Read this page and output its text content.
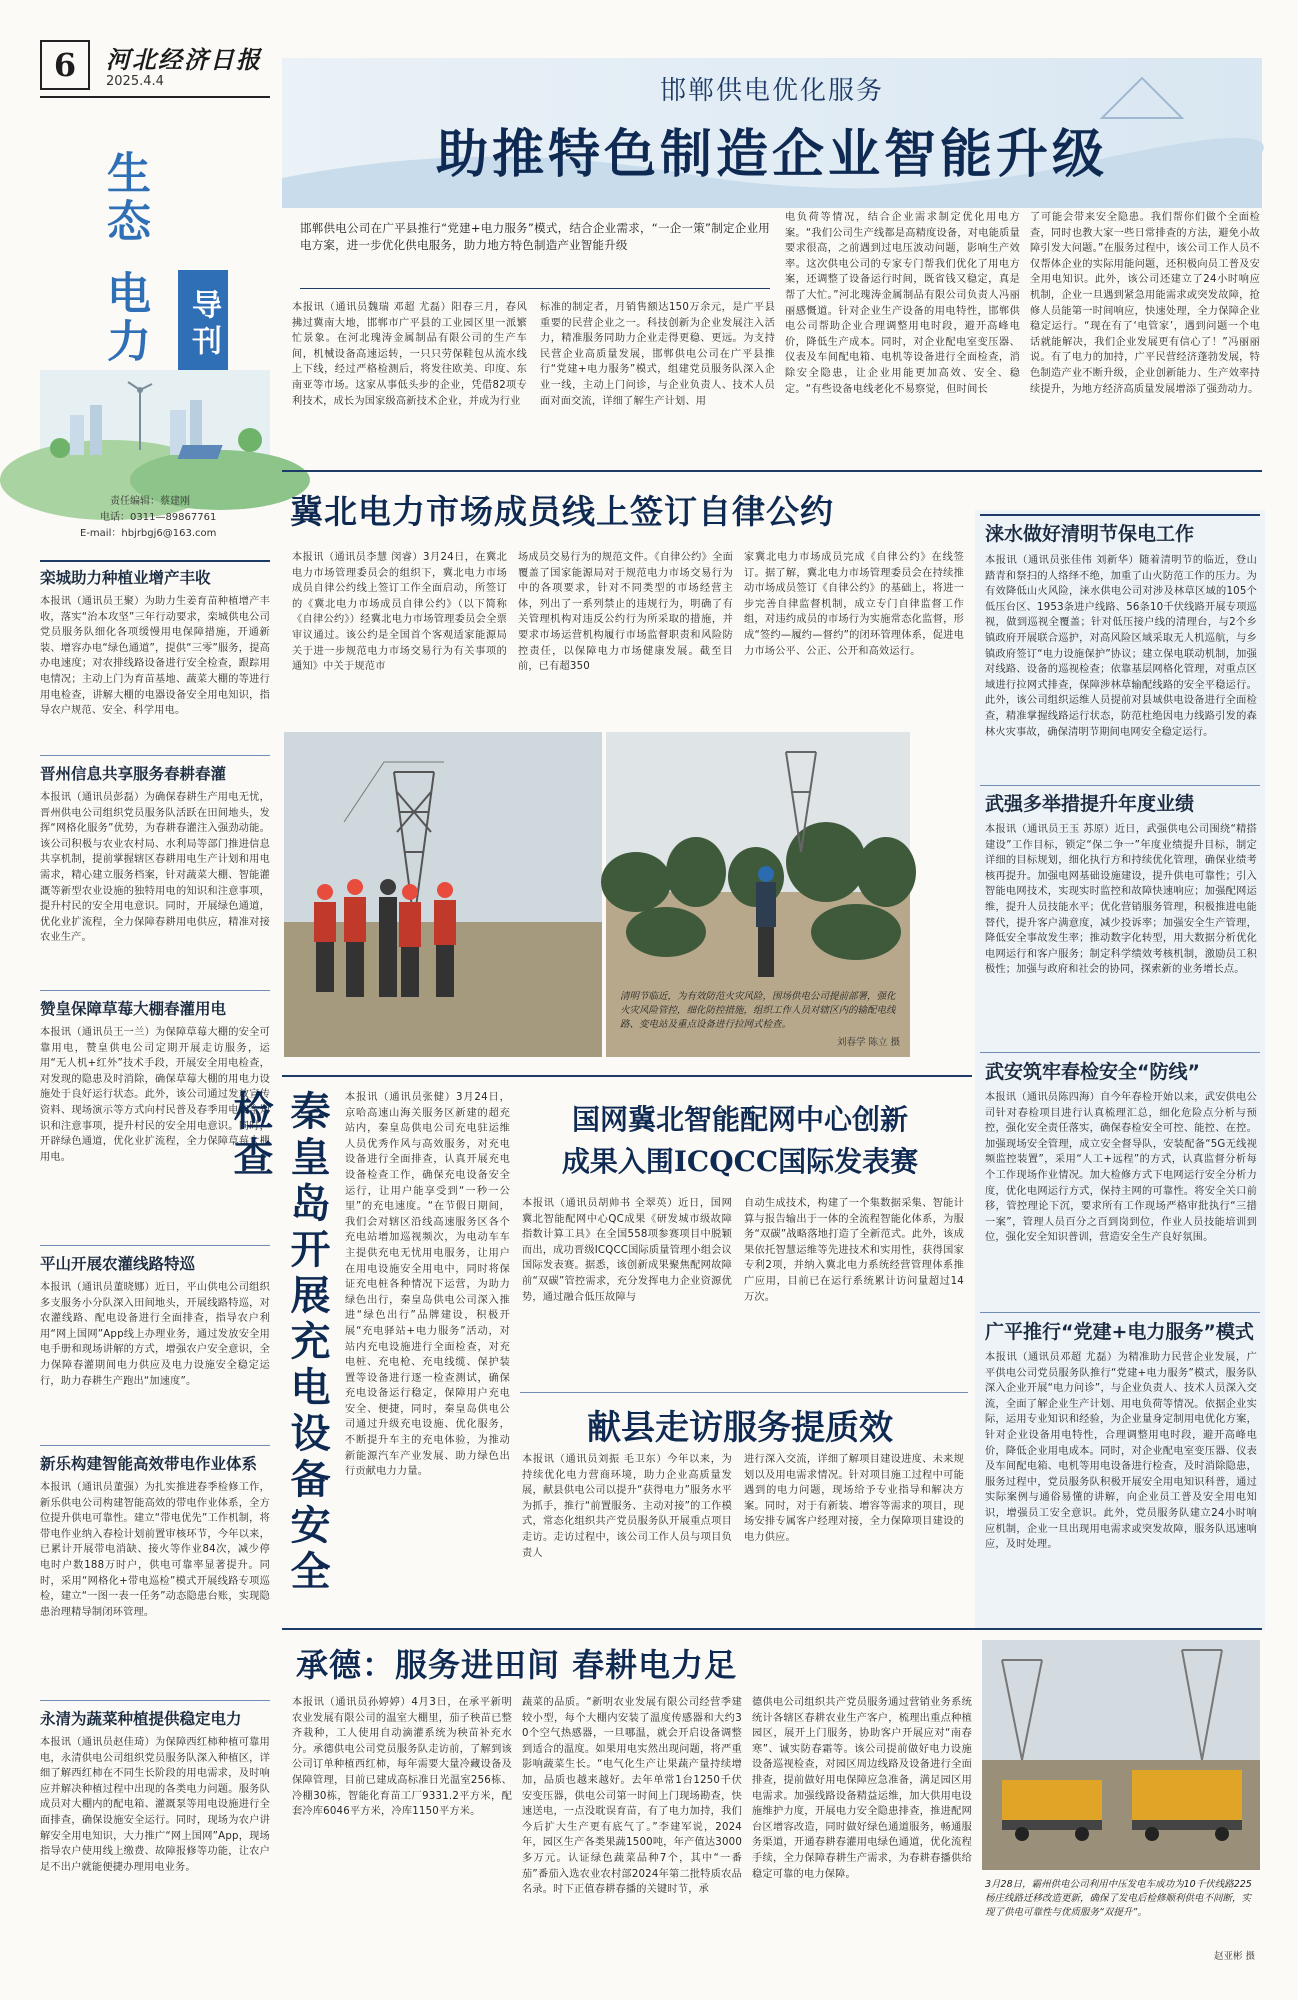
6 河北经济日报
2025.4.4
生态
电力 导刊
责任编辑：蔡建刚
电话：0311—89867761
E-mail：hbjrbgj6@163.com
栾城助力种植业增产丰收
本报讯（通讯员王聚）为助力生姜育苗种植增产丰收，落实“治本攻坚”三年行动要求，栾城供电公司党员服务队细化各项缓慢用电保障措施，开通新装、增容办电“绿色通道”，提供“三零”服务，提高办电速度；对农排线路设备进行安全检查，跟踪用电情况；主动上门为育苗基地、蔬菜大棚的等进行用电检查，讲解大棚的电器设备安全用电知识，指导农户规范、安全、科学用电。
晋州信息共享服务春耕春灌
本报讯（通讯员彭磊）为确保春耕生产用电无忧，晋州供电公司组织党员服务队活跃在田间地头，发挥“网格化服务”优势，为春耕春灌注入强劲动能。该公司积极与农业农村局、水利局等部门推进信息共享机制，提前掌握辖区春耕用电生产计划和用电需求，精心建立服务档案，针对蔬菜大棚、智能灌溉等新型农业设施的独特用电的知识和注意事项，提升村民的安全用电意识。同时，开展绿色通道，优化业扩流程，全力保障春耕用电供应，精准对接农业生产。
赞皇保障草莓大棚春灌用电
本报讯（通讯员王一兰）为保障草莓大棚的安全可靠用电，赞皇供电公司定期开展走访服务，运用“无人机+红外”技术手段，开展安全用电检查，对发现的隐患及时消除，确保草莓大棚的用电力设施处于良好运行状态。此外，该公司通过发放宣传资料、现场演示等方式向村民普及春季用电安全知识和注意事项，提升村民的安全用电意识。同时，开辟绿色通道，优化业扩流程，全力保障草莓大棚用电。
平山开展农灌线路特巡
本报讯（通讯员董晓娜）近日，平山供电公司组织多支服务小分队深入田间地头，开展线路特巡，对农灌线路、配电设备进行全面排查，指导农户利用“网上国网”App线上办理业务，通过发放安全用电手册和现场讲解的方式，增强农户安全意识，全力保障春灌期间电力供应及电力设施安全稳定运行，助力春耕生产跑出“加速度”。
新乐构建智能高效带电作业体系
本报讯（通讯员董强）为扎实推进春季检修工作，新乐供电公司构建智能高效的带电作业体系，全方位提升供电可靠性。建立“带电优先”工作机制，将带电作业纳入春检计划前置审核环节，今年以来，已累计开展带电消缺、接火等作业84次，减少停电时户数188万时户，供电可靠率显著提升。同时，采用“网格化+带电巡检”模式开展线路专项巡检，建立“一图一表一任务”动态隐患台账，实现隐患治理精导制闭环管理。
永清为蔬菜种植提供稳定电力
本报讯（通讯员赵佳琦）为保障西红柿种植可靠用电，永清供电公司组织党员服务队深入种植区，详细了解西红柿在不同生长阶段的用电需求，及时响应并解决种植过程中出现的各类电力问题。服务队成员对大棚内的配电箱、灌溉泵等用电设施进行全面排查，确保设施安全运行。同时，现场为农户讲解安全用电知识，大力推广“网上国网”App，现场指导农户使用线上缴费、故障报修等功能，让农户足不出户就能便捷办理用电业务。
邯郸供电优化服务
助推特色制造企业智能升级
邯郸供电公司在广平县推行“党建+电力服务”模式，结合企业需求，“一企一策”制定企业用电方案，进一步优化供电服务，助力地方特色制造产业智能升级
本报讯（通讯员魏瑞 邓超 尤磊）阳春三月，春风拂过冀南大地，邯郸市广平县的工业园区里一派繁忙景象。在河北瑰涛金属制品有限公司的生产车间，机械设备高速运转，一只只劳保鞋包从流水线上下线，经过严格检测后，将发往欧美、印度、东南亚等市场。这家从事低头步的企业，凭借82项专利技术，成长为国家级高新技术企业，并成为行业
标准的制定者，月销售额达150万余元，是广平县重要的民营企业之一。科技创新为企业发展注入活力，精准服务同助力企业走得更稳、更远。为支持民营企业高质量发展，邯郸供电公司在广平县推行“党建+电力服务”模式，组建党员服务队深入企业一线，主动上门问诊，与企业负责人、技术人员面对面交流，详细了解生产计划、用
电负荷等情况，结合企业需求制定优化用电方案。“我们公司生产线都是高精度设备，对电能质量要求很高，之前遇到过电压波动问题，影响生产效率。这次供电公司的专家专门帮我们优化了用电方案，还调整了设备运行时间，既省钱又稳定，真是帮了大忙。”河北瑰涛金属制品有限公司负责人冯丽丽感慨道。针对企业生产设备的用电特性，邯郸供电公司帮助企业合理调整用电时段，避开高峰电价，降低生产成本。同时，对企业配电室变压器、仪表及车间配电箱、电机等设备进行全面检查，消除安全隐患，让企业用能更加高效、安全、稳定。“有些设备电线老化不易察觉，但时间长
了可能会带来安全隐患。我们帮你们做个全面检查，同时也教大家一些日常排查的方法，避免小故障引发大问题。”在服务过程中，该公司工作人员不仅帮体企业的实际用能问题，还积极向员工普及安全用电知识。此外，该公司还建立了24小时响应机制，企业一旦遇到紧急用能需求或突发故障，抢修人员能第一时间响应，快速处理，全力保障企业稳定运行。“现在有了‘电管家’，遇到问题一个电话就能解决，我们企业发展更有信心了！”冯丽丽说。有了电力的加持，广平民营经济蓬勃发展，特色制造产业不断升级，企业创新能力、生产效率持续提升，为地方经济高质量发展增添了强劲动力。
冀北电力市场成员线上签订自律公约
本报讯（通讯员李慧 闵睿）3月24日，在冀北电力市场管理委员会的组织下，冀北电力市场成员自律公约线上签订工作全面启动，所签订的《冀北电力市场成员自律公约》（以下简称《自律公约》）经冀北电力市场管理委员会全票审议通过。该公约是全国首个客观适家能源局关于进一步规范电力市场交易行为有关事项的通知》中关于规范市
场成员交易行为的规范文件。《自律公约》全面覆盖了国家能源局对于规范电力市场交易行为中的各项要求，针对不同类型的市场经营主体，列出了一系列禁止的违规行为，明确了有关管理机构对违反公约行为所采取的措施，并要求市场运营机构履行市场监督职责和风险防控责任，以保障电力市场健康发展。截至目前，已有超350
家冀北电力市场成员完成《自律公约》在线签订。据了解，冀北电力市场管理委员会在持续推动市场成员签订《自律公约》的基础上，将进一步完善自律监督机制，成立专门自律监督工作组，对违约成员的市场行为实施常态化监督，形成“签约—履约—督约”的闭环管理体系，促进电力市场公平、公正、公开和高效运行。
清明节临近，为有效防范火灾风险，围场供电公司提前部署，强化火灾风险管控，细化防控措施，组织工作人员对辖区内的输配电线路、变电站及重点设备进行拉网式检查。
刘春学 陈立 摄
涞水做好清明节保电工作
本报讯（通讯员张佳伟 刘新华）随着清明节的临近，登山踏青和祭扫的人络绎不绝，加重了山火防范工作的压力。为有效降低山火风险，涞水供电公司对涉及林草区域的105个低压台区、1953条进户线路、56条10千伏线路开展专项巡视，做到巡视全覆盖；针对低压接户线的清理台，与2个乡镇政府开展联合巡护，对高风险区域采取无人机巡航，与乡镇政府签订“电力设施保护”协议；建立保电联动机制，加强对线路、设备的巡视检查；依靠基层网格化管理，对重点区域进行拉网式排查，保障涉林草输配线路的安全平稳运行。此外，该公司组织运维人员提前对县域供电设备进行全面检查，精准掌握线路运行状态，防范杜绝因电力线路引发的森林火灾事故，确保清明节期间电网安全稳定运行。
武强多举措提升年度业绩
本报讯（通讯员王玉 苏原）近日，武强供电公司围绕“精搭建设”工作目标，锁定“保二争一”年度业绩提升目标，制定详细的目标规划，细化执行方和持续优化管理，确保业绩考核再提升。加强电网基础设施建设，提升供电可靠性；引入智能电网技术，实现实时监控和故障快速响应；加强配网运维，提升人员技能水平；优化营销服务管理，积极推进电能替代，提升客户满意度，减少投诉率；加强安全生产管理，降低安全事故发生率；推动数字化转型，用大数据分析优化电网运行和客户服务；制定科学绩效考核机制，激励员工积极性；加强与政府和社会的协同，探索新的业务增长点。
武安筑牢春检安全“防线”
本报讯（通讯员陈四海）自今年春检开始以来，武安供电公司针对春检项目进行认真梳理汇总，细化危险点分析与预控，强化安全责任落实，确保春检安全可控、能控、在控。加强现场安全管理，成立安全督导队，安装配备“5G无线视频监控装置”，采用“人工+远程”的方式，认真监督分析每个工作现场作业情况。加大检修方式下电网运行安全分析力度，优化电网运行方式，保持主网的可靠性。将安全关口前移，管控理论下沉，要求所有工作现场严格审批执行“三措一案”，管理人员百分之百到岗到位，作业人员技能培训到位，强化安全知识普训，营造安全生产良好氛围。
广平推行“党建+电力服务”模式
本报讯（通讯员邓超 尤磊）为精准助力民营企业发展，广平供电公司党员服务队推行“党建+电力服务”模式，服务队深入企业开展“电力问诊”，与企业负责人、技术人员深入交流，全面了解企业生产计划、用电负荷等情况。依据企业实际，运用专业知识和经验，为企业量身定制用电优化方案，针对企业设备用电特性，合理调整用电时段，避开高峰电价，降低企业用电成本。同时，对企业配电室变压器、仪表及车间配电箱、电机等用电设备进行检查，及时消除隐患，服务过程中，党员服务队积极开展安全用电知识科普，通过实际案例与通俗易懂的讲解，向企业员工普及安全用电知识，增强员工安全意识。此外，党员服务队建立24小时响应机制，企业一旦出现用电需求或突发故障，服务队迅速响应，及时处理。
秦皇岛开展充电设备安全检查	本报讯（通讯员张健）3月24日，京哈高速山海关服务区新建的超充站内，秦皇岛供电公司充电驻运维人员优秀作风与高效服务，对充电设备进行全面排查，认真开展充电设备检查工作，确保充电设备安全运行，让用户能享受到“一秒一公里”的充电速度。“在节假日期间，我们会对辖区沿线高速服务区各个充电站增加巡视频次，为电动车车主提供充电无忧用电服务，让用户在用电设施安全用电中，同时将保证充电桩各种情况下运营，为助力绿色出行，秦皇岛供电公司深入推进“绿色出行”品牌建设，积极开展“充电驿站+电力服务”活动，对站内充电设施进行全面检查，对充电桩、充电枪、充电线缆、保护装置等设备进行逐一检查测试，确保充电设备运行稳定，保障用户充电安全、便捷，同时，秦皇岛供电公司通过升级充电设施、优化服务，不断提升车主的充电体验，为推动新能源汽车产业发展、助力绿色出行贡献电力力量。
国网冀北智能配网中心创新
成果入围ICQCC国际发表赛
本报讯（通讯员胡帅书 全翠英）近日，国网冀北智能配网中心QC成果《研发城市级故障指数计算工具》在全国558项参赛项目中脱颖而出，成功晋级ICQCC国际质量管理小组会议国际发表赛。据悉，该创新成果聚焦配网故障前“双碳”管控需求，充分发挥电力企业资源优势，通过融合低压故障与
自动生成技术，构建了一个集数据采集、智能计算与报告输出于一体的全流程智能化体系，为服务“双碳”战略落地打造了全新范式。此外，该成果依托智慧运维等先进技术和实用性，获得国家专利2项，并纳入冀北电力系统经营管理体系推广应用，目前已在运行系统累计访问量超过14万次。
献县走访服务提质效
本报讯（通讯员刘振 毛卫东）今年以来，为持续优化电力营商环境，助力企业高质量发展，献县供电公司以提升“获得电力”服务水平为抓手，推行“前置服务、主动对接”的工作模式，常态化组织共产党员服务队开展重点项目走访。走访过程中，该公司工作人员与项目负责人
进行深入交流，详细了解项目建设进度、未来规划以及用电需求情况。针对项目施工过程中可能遇到的电力问题，现场给予专业指导和解决方案。同时，对于有新装、增容等需求的项目，现场安排专属客户经理对接，全力保障项目建设的电力供应。
承德：服务进田间 春耕电力足
本报讯（通讯员孙婷婷）4月3日，在承平新明农业发展有限公司的温室大棚里，茄子秧苗已整齐栽种，工人使用自动滴灌系统为秧苗补充水分。承德供电公司党员服务队走访前，了解到该公司订单种植西红柿，每年需要大量冷藏设备及保障管理，目前已建成高标准日光温室256栋、冷棚30栋，智能化育苗工厂9331.2平方米，配套冷库6046平方米，冷库1150平方米。
蔬菜的品质。“新明农业发展有限公司经营季建较小型，每个大棚内安装了温度传感器和大约30个空气热感器，一旦哪温，就会开启设备调整到适合的温度。如果用电实然出现问题，将严重影响蔬菜生长。“电气化生产让果蔬产量持续增加，品质也越来越好。去年单常1台1250千伏安变压器，供电公司第一时间上门现场勘查，快速送电，一点没耽误育苗，有了电力加持，我们今后扩大生产更有底气了。”李建军说，2024年，园区生产各类果蔬1500吨，年产值达3000多万元。认证绿色蔬菜品种7个，其中“一番茄”番茄入选农业农村部2024年第二批特质农品名录。时下正值春耕春播的关键时节，承
德供电公司组织共产党员服务通过营销业务系统统计各辖区春耕农业生产客户，梳理出重点种植园区，展开上门服务，协助客户开展应对“南春寒”、诚实防春霜等。该公司提前做好电力设施设备巡视检查，对园区周边线路及设备进行全面排查，提前做好用电保障应急准备，满足园区用电需求。加强线路设备精益运维，加大供用电设施维护力度，开展电力安全隐患排查，推进配网台区增容改造，同时做好绿色通道服务，畅通服务渠道，开通春耕春灌用电绿色通道，优化流程手续，全力保障春耕生产需求，为春耕春播供给稳定可靠的电力保障。
3月28日，霸州供电公司利用中压发电车成功为10千伏线路225杨庄线路迁移改造更新，确保了发电后检修顺利供电不间断，实现了供电可靠性与优质服务“双提升”。
赵亚彬 摄
